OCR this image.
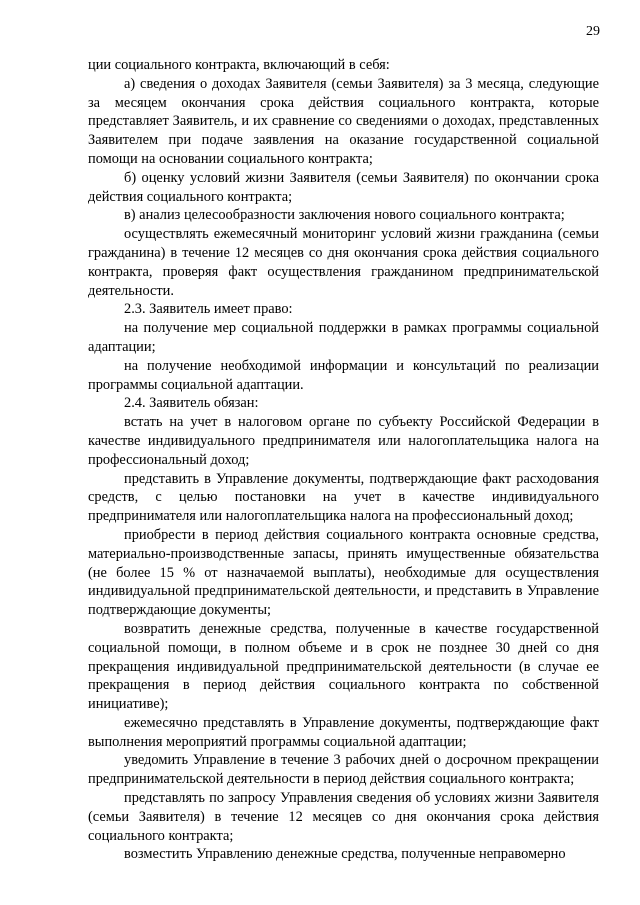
29

ции социального контракта, включающий в себя:

а) сведения о доходах Заявителя (семьи Заявителя) за 3 месяца, следующие за месяцем окончания срока действия социального контракта, которые представляет Заявитель, и их сравнение со сведениями о доходах, представленных Заявителем при подаче заявления на оказание государственной социальной помощи на основании социального контракта;

б) оценку условий жизни Заявителя (семьи Заявителя) по окончании срока действия социального контракта;

в) анализ целесообразности заключения нового социального контракта;

осуществлять ежемесячный мониторинг условий жизни гражданина (семьи гражданина) в течение 12 месяцев со дня окончания срока действия социального контракта, проверяя факт осуществления гражданином предпринимательской деятельности.

2.3. Заявитель имеет право:

на получение мер социальной поддержки в рамках программы социальной адаптации;

на получение необходимой информации и консультаций по реализации программы социальной адаптации.

2.4. Заявитель обязан:

встать на учет в налоговом органе по субъекту Российской Федерации в качестве индивидуального предпринимателя или налогоплательщика налога на профессиональный доход;

представить в Управление документы, подтверждающие факт расходования средств, с целью постановки на учет в качестве индивидуального предпринимателя или налогоплательщика налога на профессиональный доход;

приобрести в период действия социального контракта основные средства, материально-производственные запасы, принять имущественные обязательства (не более 15 % от назначаемой выплаты), необходимые для осуществления индивидуальной предпринимательской деятельности, и представить в Управление подтверждающие документы;

возвратить денежные средства, полученные в качестве государственной социальной помощи, в полном объеме и в срок не позднее 30 дней со дня прекращения индивидуальной предпринимательской деятельности (в случае ее прекращения в период действия социального контракта по собственной инициативе);

ежемесячно представлять в Управление документы, подтверждающие факт выполнения мероприятий программы социальной адаптации;

уведомить Управление в течение 3 рабочих дней о досрочном прекращении предпринимательской деятельности в период действия социального контракта;

представлять по запросу Управления сведения об условиях жизни Заявителя (семьи Заявителя) в течение 12 месяцев со дня окончания срока действия социального контракта;

возместить Управлению денежные средства, полученные неправомерно
